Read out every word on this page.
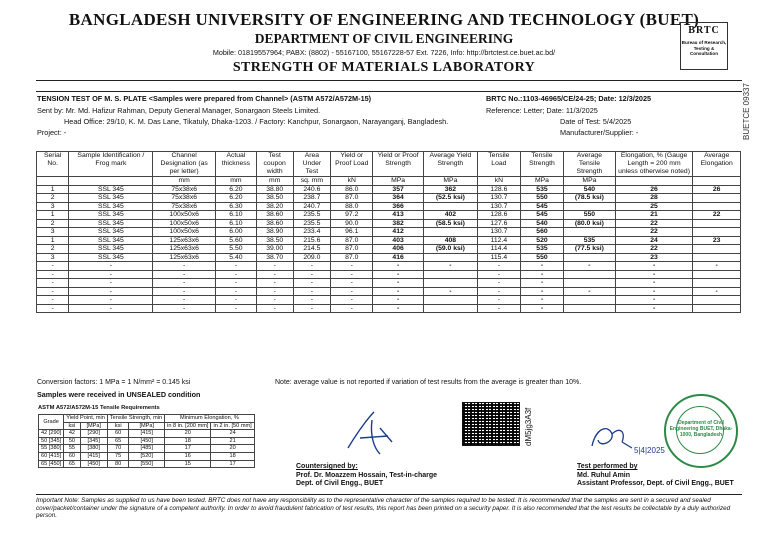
BANGLADESH UNIVERSITY OF ENGINEERING AND TECHNOLOGY (BUET)
DEPARTMENT OF CIVIL ENGINEERING
Mobile: 01819557964; PABX: (8802) - 55167100, 55167228-57 Ext. 7226, Info: http://brtctest.ce.buet.ac.bd/
STRENGTH OF MATERIALS LABORATORY
BRTC
Bureau of Research, Testing & Consultation
BUETCE 09337
TENSION TEST OF M. S. PLATE <Samples were prepared from Channel> (ASTM A572/A572M-15)	BRTC No.:1103-46965/CE/24-25; Date: 12/3/2025
Sent by: Mr. Md. Hafizur Rahman, Deputy General Manager, Sonargaon Steels Limited.	Reference: Letter; Date: 11/3/2025
Head Office: 29/10, K. M. Das Lane, Tikatuly, Dhaka-1203. / Factory: Kanchpur, Sonargaon, Narayanganj, Bangladesh.	Date of Test: 5/4/2025
Project: -	Manufacturer/Supplier: -
Serial No.	Sample Identification / Frog mark	Channel Designation (as per letter)	Actual thickness	Test coupon width	Area Under Test	Yield or Proof Load	Yield or Proof Strength	Average Yield Strength	Tensile Load	Tensile Strength	Average Tensile Strength	Elongation, % (Gauge Length = 200 mm unless otherwise noted)	Average Elongation
		mm	mm	mm	sq. mm	kN	MPa	MPa	kN	MPa	MPa		
1	SSL 345	75x38x6	6.20	38.80	240.6	86.0	357	362	128.6	535	540	26	26
2	SSL 345	75x38x6	6.20	38.50	238.7	87.0	364	(52.5 ksi)	130.7	550	(78.5 ksi)	28	
3	SSL 345	75x38x6	6.30	38.20	240.7	88.0	366		130.7	545		25	
1	SSL 345	100x50x6	6.10	38.60	235.5	97.2	413	402	128.6	545	550	21	22
2	SSL 345	100x50x6	6.10	38.60	235.5	90.0	382	(58.5 ksi)	127.6	540	(80.0 ksi)	22	
3	SSL 345	100x50x6	6.00	38.90	233.4	96.1	412		130.7	560		22	
1	SSL 345	125x63x6	5.60	38.50	215.6	87.0	403	408	112.4	520	535	24	23
2	SSL 345	125x63x6	5.50	39.00	214.5	87.0	406	(59.0 ksi)	114.4	535	(77.5 ksi)	22	
3	SSL 345	125x63x6	5.40	38.70	209.0	87.0	416		115.4	550		23	
-	-	-	-	-	-	-	-	-	-	-	-	-	-
-	-	-	-	-	-	-	-		-	-		-	
-	-	-	-	-	-	-	-		-	-		-	
-	-	-	-	-	-	-	-	-	-	-	-	-	-
-	-	-	-	-	-	-	-		-	-		-	
-	-	-	-	-	-	-	-		-	-		-	
Conversion factors: 1 MPa = 1 N/mm² = 0.145 ksi	Note: average value is not reported if variation of test results from the average is greater than 10%.
Samples were received in UNSEALED condition
ASTM A572/A572M-15 Tensile Requirements
Grade	Yield Point, min		Tensile Strength, min		Minimum Elongation, %	
	ksi	[MPa]	ksi	[MPa]	in 8 in. [200 mm]	in 2 in. [50 mm]
42 [290]	42	[290]	60	[415]	20	24
50 [345]	50	[345]	65	[450]	18	21
55 [380]	55	[380]	70	[485]	17	20
60 [415]	60	[415]	75	[520]	16	18
65 [450]	65	[450]	80	[550]	15	17
dM5jg3A3f
Countersigned by:
Prof. Dr. Moazzem Hossain, Test-in-charge
Dept. of Civil Engg., BUET
5|4|2025
Test performed by
Md. Ruhul Amin
Assistant Professor, Dept. of Civil Engg., BUET
Department of Civil Engineering BUET, Dhaka-1000, Bangladesh
Important Note: Samples as supplied to us have been tested. BRTC does not have any responsibility as to the representative character of the samples required to be tested. It is recommended that the samples are sent in a secured and sealed cover/packet/container under the signature of a competent authority. In order to avoid fraudulent fabrication of test results, this report has been printed on a security paper. It is also recommended that the test results be collectable by a duly authorized person.
